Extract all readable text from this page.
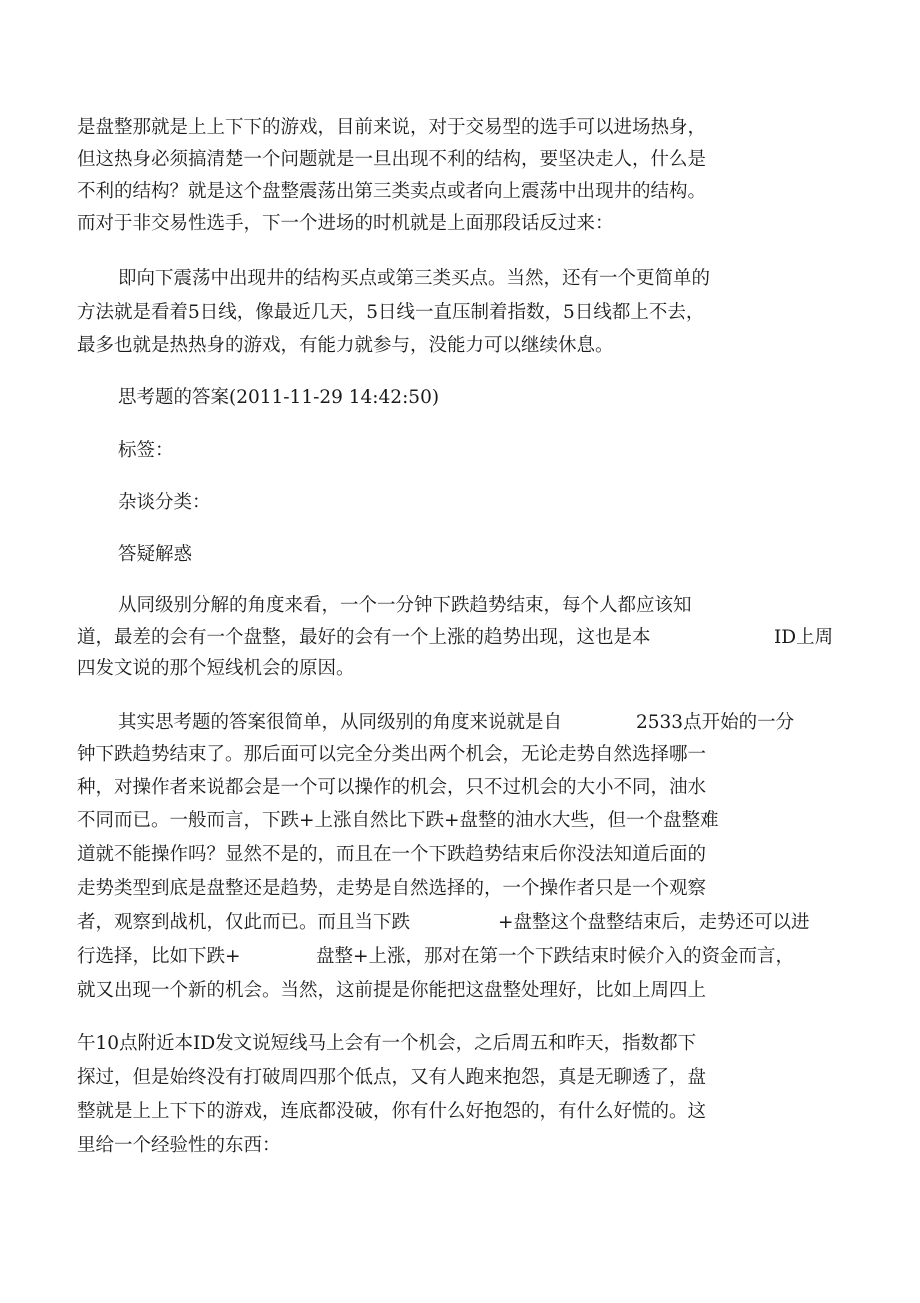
是盘整那就是上上下下的游戏，目前来说，对于交易型的选手可以进场热身，
但这热身必须搞清楚一个问题就是一旦出现不利的结构，要坚决走人，什么是
不利的结构？就是这个盘整震荡出第三类卖点或者向上震荡中出现井的结构。
而对于非交易性选手，下一个进场的时机就是上面那段话反过来：
即向下震荡中出现井的结构买点或第三类买点。当然，还有一个更简单的
方法就是看着5日线，像最近几天，5日线一直压制着指数，5日线都上不去，
最多也就是热热身的游戏，有能力就参与，没能力可以继续休息。
思考题的答案(2011-11-29 14:42:50)
标签：
杂谈分类：
答疑解惑
从同级别分解的角度来看，一个一分钟下跌趋势结束，每个人都应该知
道，最差的会有一个盘整，最好的会有一个上涨的趋势出现，这也是本	ID上周
四发文说的那个短线机会的原因。
其实思考题的答案很简单，从同级别的角度来说就是自	2533点开始的一分
钟下跌趋势结束了。那后面可以完全分类出两个机会，无论走势自然选择哪一
种，对操作者来说都会是一个可以操作的机会，只不过机会的大小不同，油水
不同而已。一般而言，下跌+上涨自然比下跌+盘整的油水大些，但一个盘整难
道就不能操作吗？显然不是的，而且在一个下跌趋势结束后你没法知道后面的
走势类型到底是盘整还是趋势，走势是自然选择的，一个操作者只是一个观察
者，观察到战机，仅此而已。而且当下跌	+盘整这个盘整结束后，走势还可以进
行选择，比如下跌+	盘整+上涨，那对在第一个下跌结束时候介入的资金而言，
就又出现一个新的机会。当然，这前提是你能把这盘整处理好，比如上周四上
午10点附近本ID发文说短线马上会有一个机会，之后周五和昨天，指数都下
探过，但是始终没有打破周四那个低点，又有人跑来抱怨，真是无聊透了，盘
整就是上上下下的游戏，连底都没破，你有什么好抱怨的，有什么好慌的。这
里给一个经验性的东西：
